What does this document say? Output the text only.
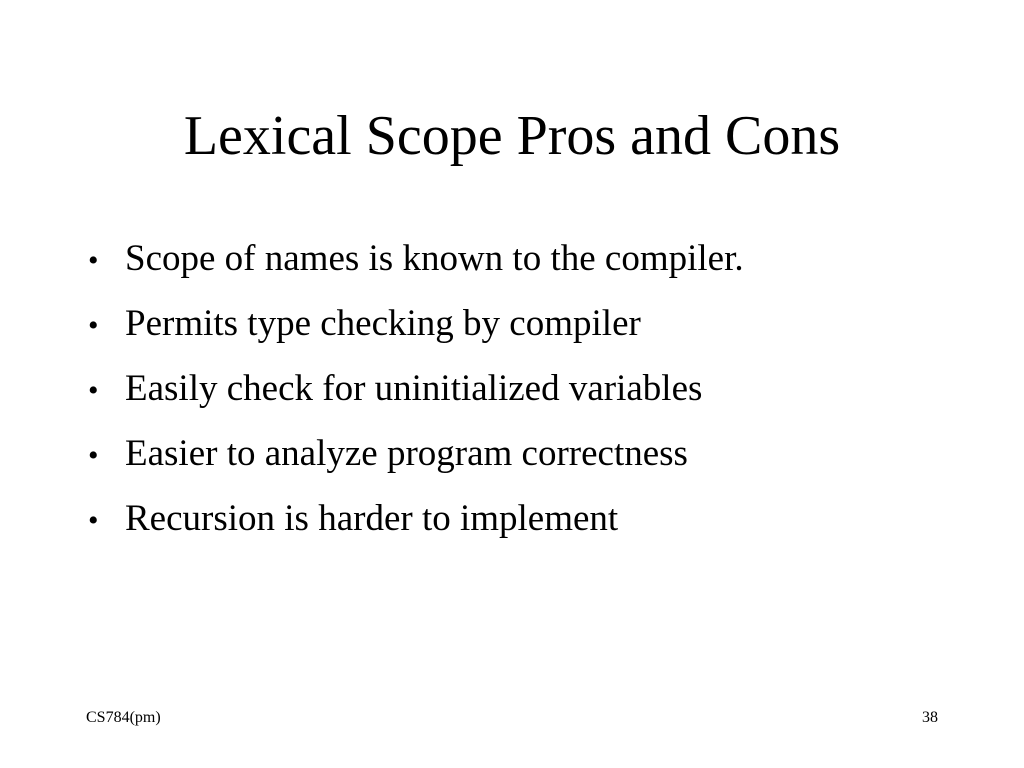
Lexical Scope Pros and Cons
• Scope of names is known to the compiler.
• Permits type checking by compiler
• Easily check for uninitialized variables
• Easier to analyze program correctness
• Recursion is harder to implement
CS784(pm)	38
